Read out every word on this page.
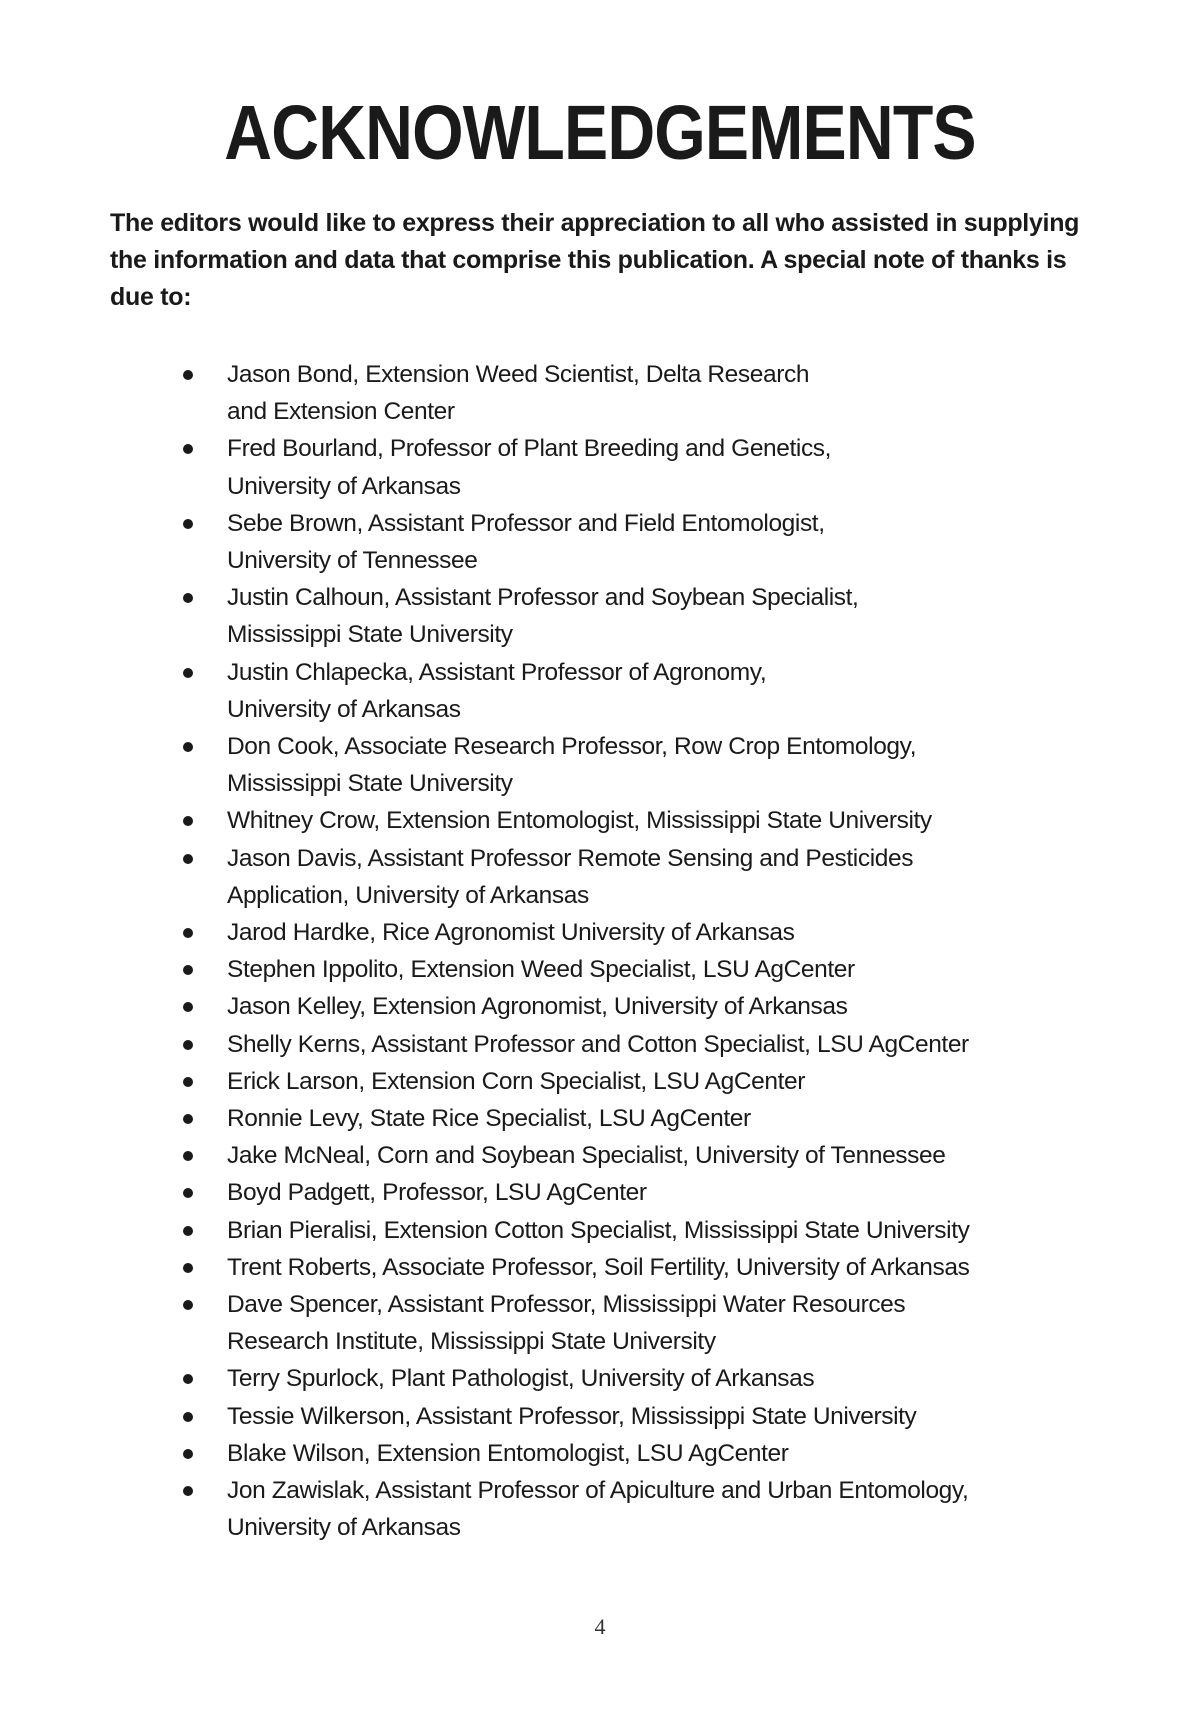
ACKNOWLEDGEMENTS

The editors would like to express their appreciation to all who assisted in supplying the information and data that comprise this publication. A special note of thanks is due to:

Jason Bond, Extension Weed Scientist, Delta Research
and Extension Center
Fred Bourland, Professor of Plant Breeding and Genetics,
University of Arkansas
Sebe Brown, Assistant Professor and Field Entomologist,
University of Tennessee
Justin Calhoun, Assistant Professor and Soybean Specialist,
Mississippi State University
Justin Chlapecka, Assistant Professor of Agronomy,
University of Arkansas
Don Cook, Associate Research Professor, Row Crop Entomology,
Mississippi State University
Whitney Crow, Extension Entomologist, Mississippi State University
Jason Davis, Assistant Professor Remote Sensing and Pesticides
Application, University of Arkansas
Jarod Hardke, Rice Agronomist University of Arkansas
Stephen Ippolito, Extension Weed Specialist, LSU AgCenter
Jason Kelley, Extension Agronomist, University of Arkansas
Shelly Kerns, Assistant Professor and Cotton Specialist, LSU AgCenter
Erick Larson, Extension Corn Specialist, LSU AgCenter
Ronnie Levy, State Rice Specialist, LSU AgCenter
Jake McNeal, Corn and Soybean Specialist, University of Tennessee
Boyd Padgett, Professor, LSU AgCenter
Brian Pieralisi, Extension Cotton Specialist, Mississippi State University
Trent Roberts, Associate Professor, Soil Fertility, University of Arkansas
Dave Spencer, Assistant Professor, Mississippi Water Resources
Research Institute, Mississippi State University
Terry Spurlock, Plant Pathologist, University of Arkansas
Tessie Wilkerson, Assistant Professor, Mississippi State University
Blake Wilson, Extension Entomologist, LSU AgCenter
Jon Zawislak, Assistant Professor of Apiculture and Urban Entomology,
University of Arkansas
4
